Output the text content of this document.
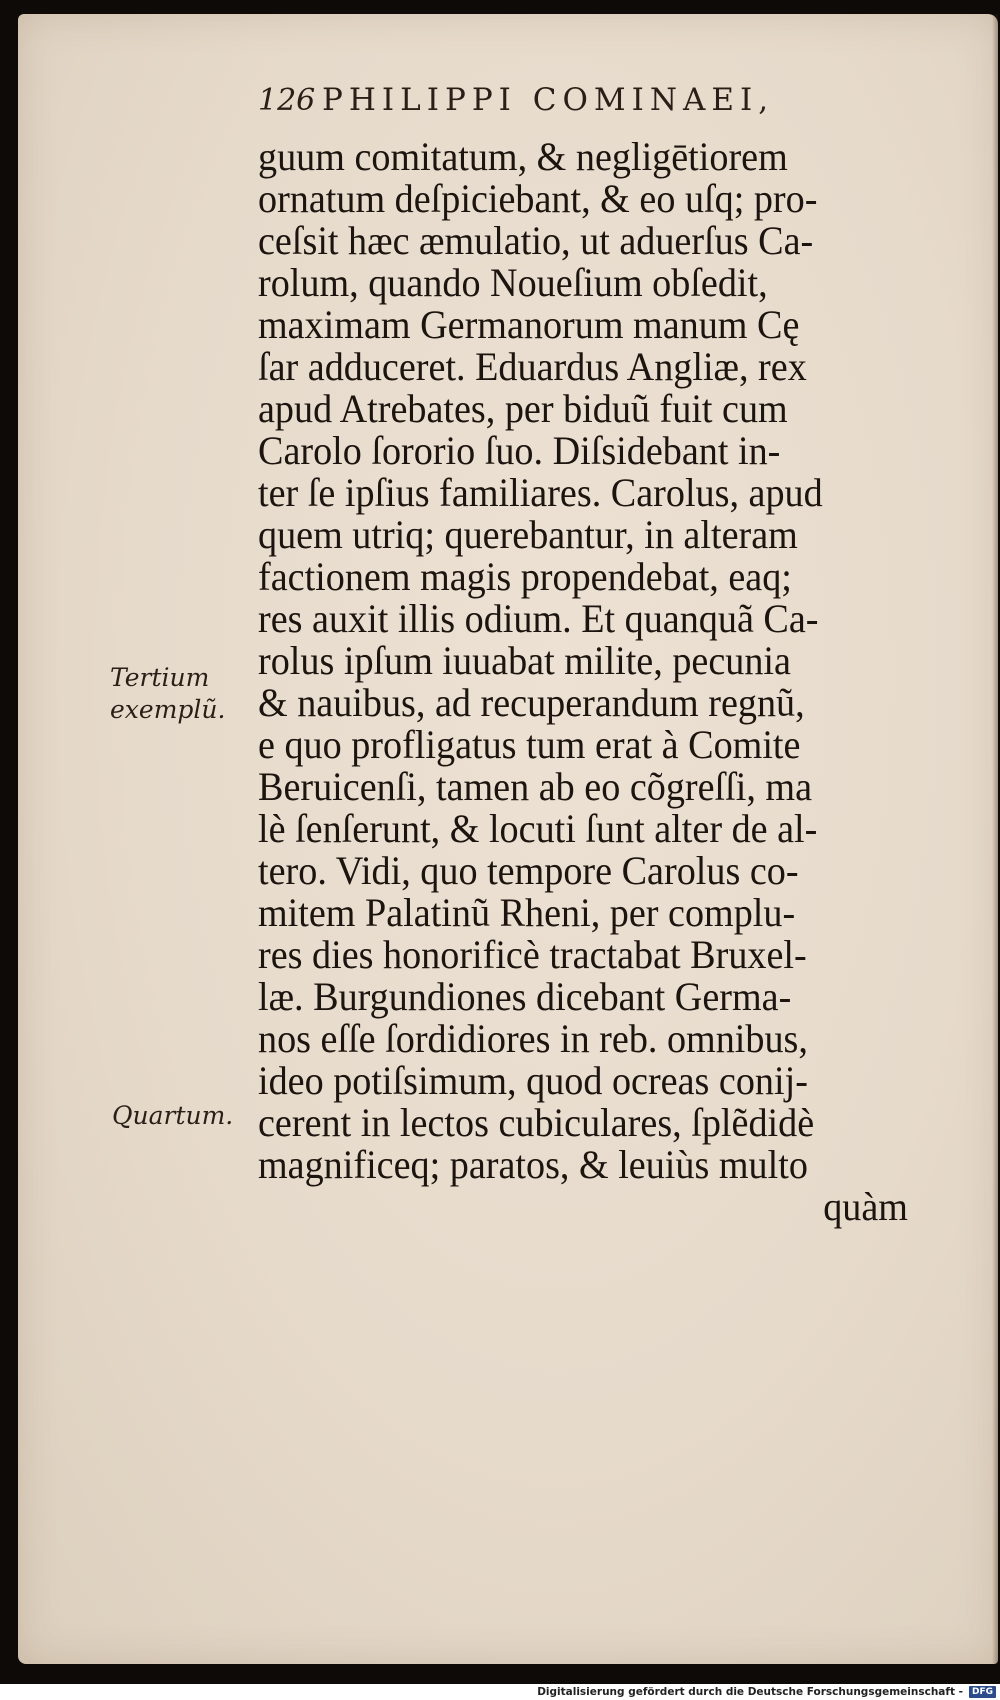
126 PHILIPPI COMINAEI,
guum comitatum, & negligētiorem
ornatum deſpiciebant, & eo uſq; pro-
ceſsit hæc æmulatio, ut aduerſus Ca-
rolum, quando Noueſium obſedit,
maximam Germanorum manum Cę
ſar adduceret. Eduardus Angliæ, rex
apud Atrebates, per biduũ fuit cum
Carolo ſororio ſuo. Diſsidebant in-
ter ſe ipſius familiares. Carolus, apud
quem utriq; querebantur, in alteram
factionem magis propendebat, eaq;
res auxit illis odium. Et quanquã Ca-
rolus ipſum iuuabat milite, pecunia
& nauibus, ad recuperandum regnũ,
e quo profligatus tum erat à Comite
Beruicenſi, tamen ab eo cõgreſſi, ma
lè ſenſerunt, & locuti ſunt alter de al-
tero. Vidi, quo tempore Carolus co-
mitem Palatinũ Rheni, per complu-
res dies honorificè tractabat Bruxel-
læ. Burgundiones dicebant Germa-
nos eſſe ſordidiores in reb. omnibus,
ideo potiſsimum, quod ocreas conij-
cerent in lectos cubiculares, ſplẽdidè
magnificeq; paratos, & leuiùs multo
quàm
Tertium
exemplũ.
Quartum.
Digitalisierung gefördert durch die Deutsche Forschungsgemeinschaft -	DFG
